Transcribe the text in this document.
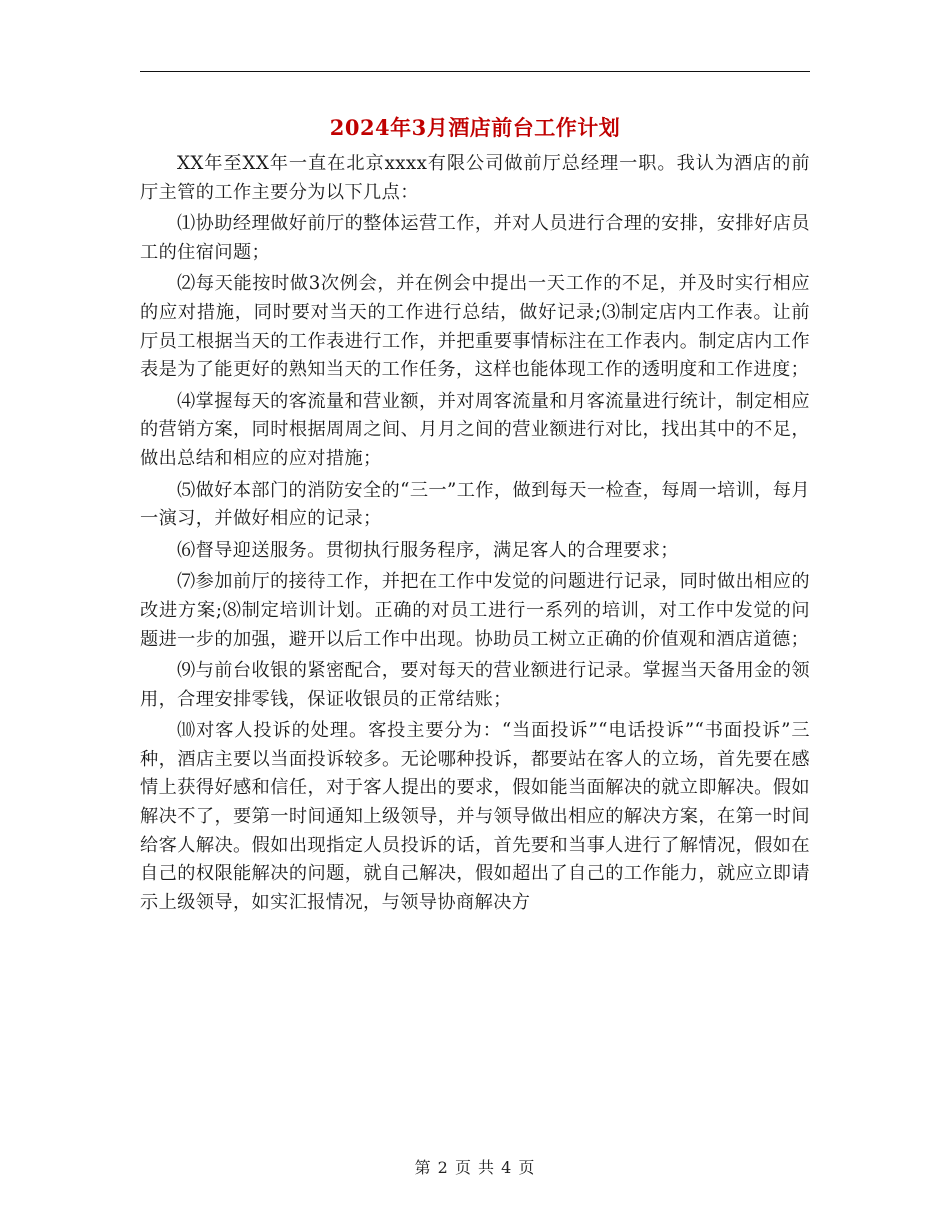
2024年3月酒店前台工作计划

XX年至XX年一直在北京xxxx有限公司做前厅总经理一职。我认为酒店的前厅主管的工作主要分为以下几点：

⑴协助经理做好前厅的整体运营工作，并对人员进行合理的安排，安排好店员工的住宿问题；

⑵每天能按时做3次例会，并在例会中提出一天工作的不足，并及时实行相应的应对措施，同时要对当天的工作进行总结，做好记录;⑶制定店内工作表。让前厅员工根据当天的工作表进行工作，并把重要事情标注在工作表内。制定店内工作表是为了能更好的熟知当天的工作任务，这样也能体现工作的透明度和工作进度；

⑷掌握每天的客流量和营业额，并对周客流量和月客流量进行统计，制定相应的营销方案，同时根据周周之间、月月之间的营业额进行对比，找出其中的不足，做出总结和相应的应对措施；

⑸做好本部门的消防安全的“三一”工作，做到每天一检查，每周一培训，每月一演习，并做好相应的记录；

⑹督导迎送服务。贯彻执行服务程序，满足客人的合理要求；

⑺参加前厅的接待工作，并把在工作中发觉的问题进行记录，同时做出相应的改进方案;⑻制定培训计划。正确的对员工进行一系列的培训，对工作中发觉的问题进一步的加强，避开以后工作中出现。协助员工树立正确的价值观和酒店道德；

⑼与前台收银的紧密配合，要对每天的营业额进行记录。掌握当天备用金的领用，合理安排零钱，保证收银员的正常结账；

⑽对客人投诉的处理。客投主要分为：“当面投诉”“电话投诉”“书面投诉”三种，酒店主要以当面投诉较多。无论哪种投诉，都要站在客人的立场，首先要在感情上获得好感和信任，对于客人提出的要求，假如能当面解决的就立即解决。假如解决不了，要第一时间通知上级领导，并与领导做出相应的解决方案，在第一时间给客人解决。假如出现指定人员投诉的话，首先要和当事人进行了解情况，假如在自己的权限能解决的问题，就自己解决，假如超出了自己的工作能力，就应立即请示上级领导，如实汇报情况，与领导协商解决方

第 2 页 共 4 页
